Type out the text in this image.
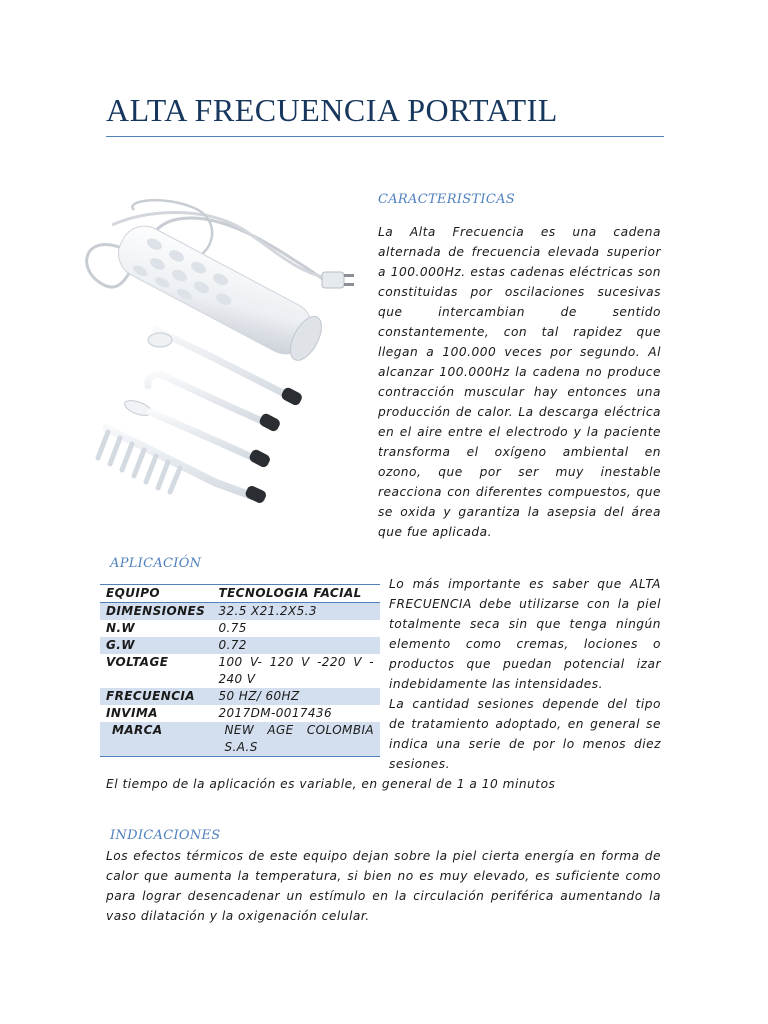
ALTA FRECUENCIA PORTATIL
CARACTERISTICAS

La Alta Frecuencia es una cadena alternada de frecuencia elevada superior a 100.000Hz. estas cadenas eléctricas son constituidas por oscilaciones sucesivas que intercambian de sentido constantemente, con tal rapidez que llegan a 100.000 veces por segundo. Al alcanzar 100.000Hz la cadena no produce contracción muscular hay entonces una producción de calor. La descarga eléctrica en el aire entre el electrodo y la paciente transforma el oxígeno ambiental en ozono, que por ser muy inestable reacciona con diferentes compuestos, que se oxida y garantiza la asepsia del área que fue aplicada.

APLICACIÓN
EQUIPO	TECNOLOGIA FACIAL
DIMENSIONES	32.5 X21.2X5.3
N.W	0.75
G.W	0.72
VOLTAGE	100 V- 120 V -220 V - 240 V
FRECUENCIA	50 HZ/ 60HZ
INVIMA	2017DM-0017436
MARCA	NEW AGE COLOMBIA S.A.S

Lo más importante es saber que ALTA FRECUENCIA debe utilizarse con la piel totalmente seca sin que tenga ningún elemento como cremas, lociones o productos que puedan potencial izar indebidamente las intensidades.

La cantidad sesiones depende del tipo de tratamiento adoptado, en general se indica una serie de por lo menos diez sesiones.

El tiempo de la aplicación es variable, en general de 1 a 10 minutos

INDICACIONES

Los efectos térmicos de este equipo dejan sobre la piel cierta energía en forma de calor que aumenta la temperatura, si bien no es muy elevado, es suficiente como para lograr desencadenar un estímulo en la circulación periférica aumentando la vaso dilatación y la oxigenación celular.
